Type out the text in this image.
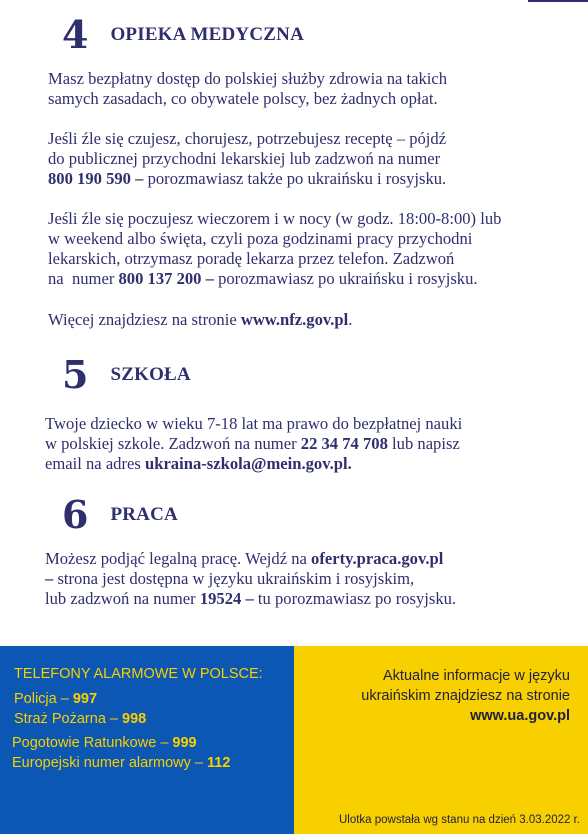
4 OPIEKA MEDYCZNA
Masz bezpłatny dostęp do polskiej służby zdrowia na takich
samych zasadach, co obywatele polscy, bez żadnych opłat.
Jeśli źle się czujesz, chorujesz, potrzebujesz receptę – pójdź
do publicznej przychodni lekarskiej lub zadzwoń na numer
800 190 590 – porozmawiasz także po ukraińsku i rosyjsku.
Jeśli źle się poczujesz wieczorem i w nocy (w godz. 18:00-8:00) lub
w weekend albo święta, czyli poza godzinami pracy przychodni
lekarskich, otrzymasz poradę lekarza przez telefon. Zadzwoń
na  numer 800 137 200 – porozmawiasz po ukraińsku i rosyjsku.
Więcej znajdziesz na stronie www.nfz.gov.pl.
5 SZKOŁA
Twoje dziecko w wieku 7-18 lat ma prawo do bezpłatnej nauki
w polskiej szkole. Zadzwoń na numer 22 34 74 708 lub napisz
email na adres ukraina-szkola@mein.gov.pl.
6 PRACA
Możesz podjąć legalną pracę. Wejdź na oferty.praca.gov.pl
– strona jest dostępna w języku ukraińskim i rosyjskim,
lub zadzwoń na numer 19524 – tu porozmawiasz po rosyjsku.
TELEFONY ALARMOWE W POLSCE:
Policja – 997
Straż Pożarna – 998
Pogotowie Ratunkowe – 999
Europejski numer alarmowy – 112
Aktualne informacje w języku
ukraińskim znajdziesz na stronie
www.ua.gov.pl
Ulotka powstała wg stanu na dzień 3.03.2022 r.
